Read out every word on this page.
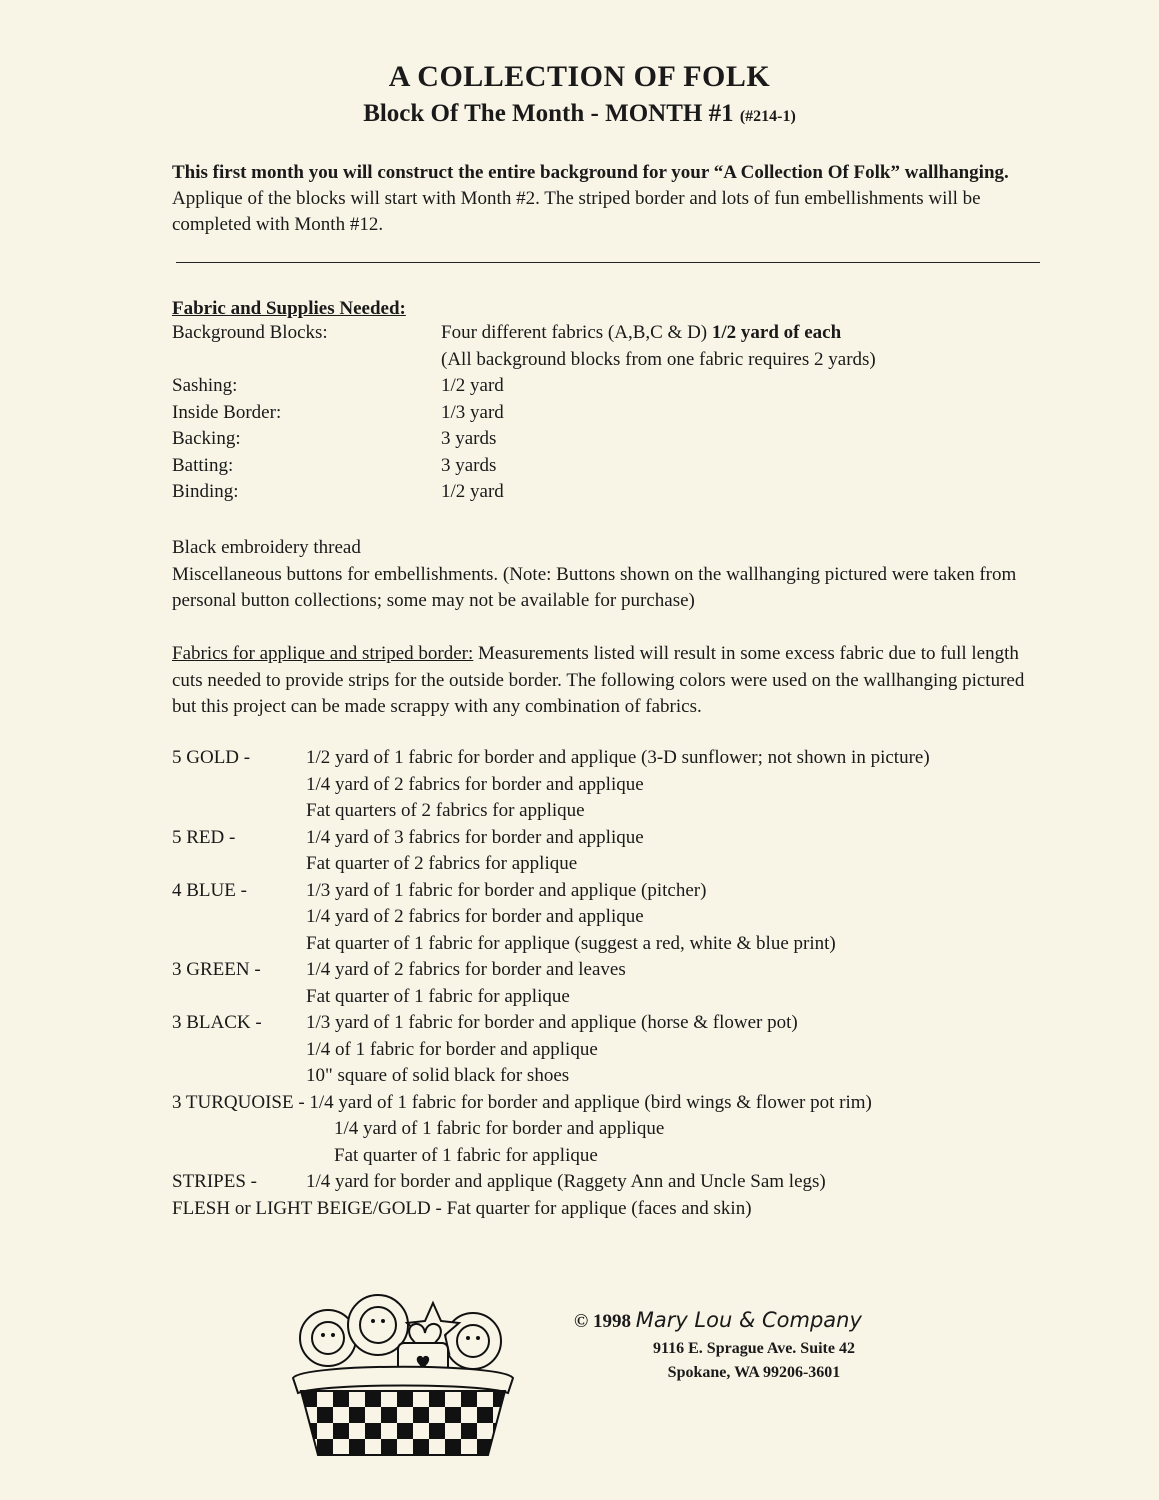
A COLLECTION OF FOLK
Block Of The Month - MONTH #1 (#214-1)
This first month you will construct the entire background for your “A Collection Of Folk” wallhanging. Applique of the blocks will start with Month #2. The striped border and lots of fun embellishments will be completed with Month #12.
Fabric and Supplies Needed:
Background Blocks:	Four different fabrics (A,B,C & D) 1/2 yard of each
(All background blocks from one fabric requires 2 yards)
Sashing:	1/2 yard
Inside Border:	1/3 yard
Backing:	3 yards
Batting:	3 yards
Binding:	1/2 yard
Black embroidery thread
Miscellaneous buttons for embellishments. (Note: Buttons shown on the wallhanging pictured were taken from personal button collections; some may not be available for purchase)
Fabrics for applique and striped border: Measurements listed will result in some excess fabric due to full length cuts needed to provide strips for the outside border. The following colors were used on the wallhanging pictured but this project can be made scrappy with any combination of fabrics.
5 GOLD -	1/2 yard of 1 fabric for border and applique (3-D sunflower; not shown in picture)
1/4 yard of 2 fabrics for border and applique
Fat quarters of 2 fabrics for applique
5 RED -	1/4 yard of 3 fabrics for border and applique
Fat quarter of 2 fabrics for applique
4 BLUE -	1/3 yard of 1 fabric for border and applique (pitcher)
1/4 yard of 2 fabrics for border and applique
Fat quarter of 1 fabric for applique (suggest a red, white & blue print)
3 GREEN - 1/4 yard of 2 fabrics for border and leaves
Fat quarter of 1 fabric for applique
3 BLACK - 1/3 yard of 1 fabric for border and applique (horse & flower pot)
1/4 of 1 fabric for border and applique
10" square of solid black for shoes
3 TURQUOISE - 1/4 yard of 1 fabric for border and applique (bird wings & flower pot rim)
1/4 yard of 1 fabric for border and applique
Fat quarter of 1 fabric for applique
STRIPES -	1/4 yard for border and applique (Raggety Ann and Uncle Sam legs)
FLESH or LIGHT BEIGE/GOLD - Fat quarter for applique (faces and skin)
© 1998 Mary Lou & Company
9116 E. Sprague Ave. Suite 42
Spokane, WA 99206-3601
